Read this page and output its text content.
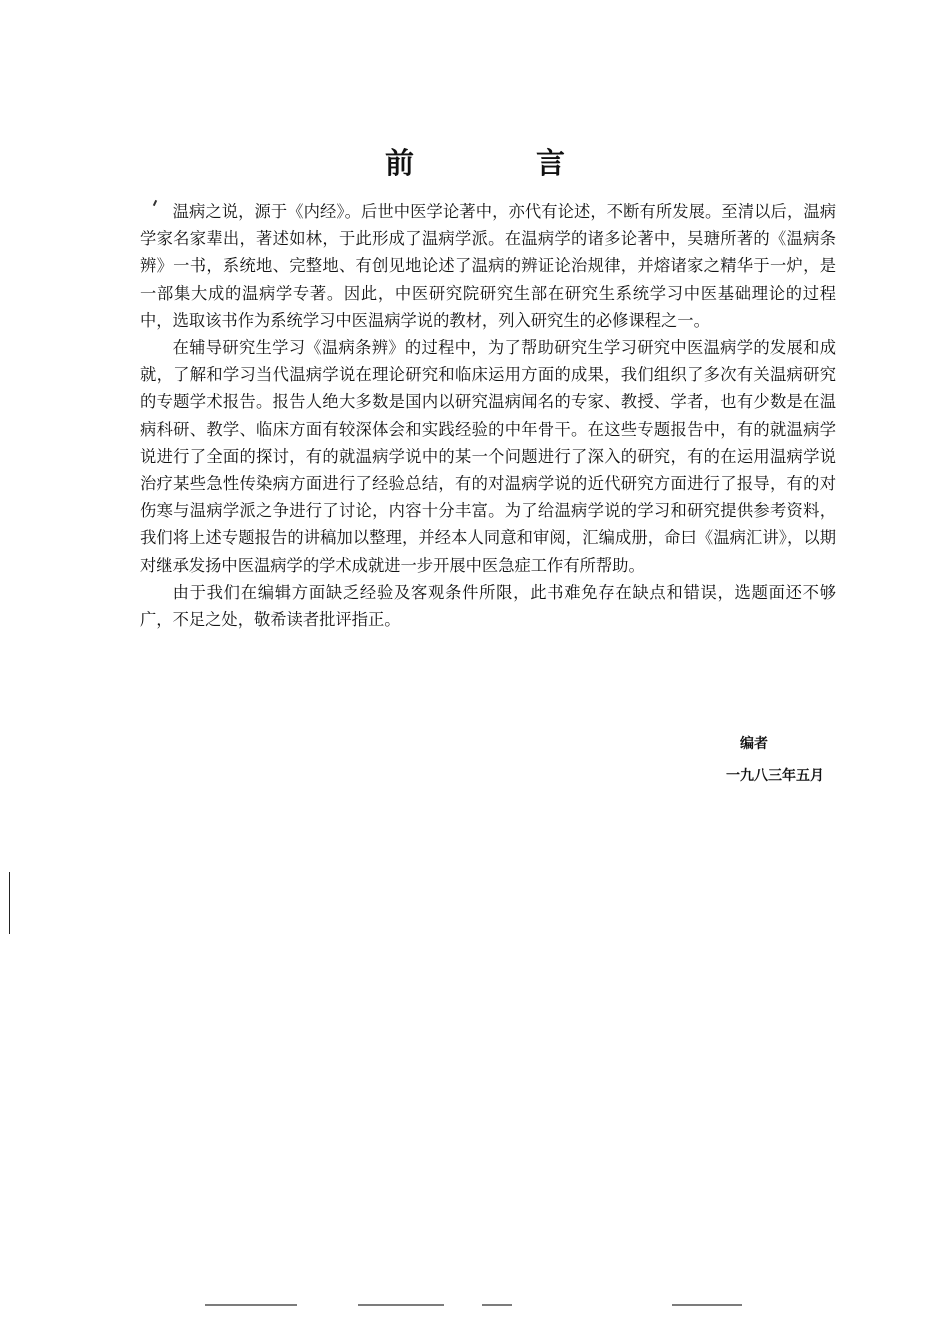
前 言

温病之说，源于《内经》。后世中医学论著中，亦代有论述，不断有所发展。至清以后，温病学家名家辈出，著述如林，于此形成了温病学派。在温病学的诸多论著中，吴瑭所著的《温病条辨》一书，系统地、完整地、有创见地论述了温病的辨证论治规律，并熔诸家之精华于一炉，是一部集大成的温病学专著。因此，中医研究院研究生部在研究生系统学习中医基础理论的过程中，选取该书作为系统学习中医温病学说的教材，列入研究生的必修课程之一。

在辅导研究生学习《温病条辨》的过程中，为了帮助研究生学习研究中医温病学的发展和成就，了解和学习当代温病学说在理论研究和临床运用方面的成果，我们组织了多次有关温病研究的专题学术报告。报告人绝大多数是国内以研究温病闻名的专家、教授、学者，也有少数是在温病科研、教学、临床方面有较深体会和实践经验的中年骨干。在这些专题报告中，有的就温病学说进行了全面的探讨，有的就温病学说中的某一个问题进行了深入的研究，有的在运用温病学说治疗某些急性传染病方面进行了经验总结，有的对温病学说的近代研究方面进行了报导，有的对伤寒与温病学派之争进行了讨论，内容十分丰富。为了给温病学说的学习和研究提供参考资料，我们将上述专题报告的讲稿加以整理，并经本人同意和审阅，汇编成册，命曰《温病汇讲》，以期对继承发扬中医温病学的学术成就进一步开展中医急症工作有所帮助。

由于我们在编辑方面缺乏经验及客观条件所限，此书难免存在缺点和错误，选题面还不够广，不足之处，敬希读者批评指正。

编者
一九八三年五月
